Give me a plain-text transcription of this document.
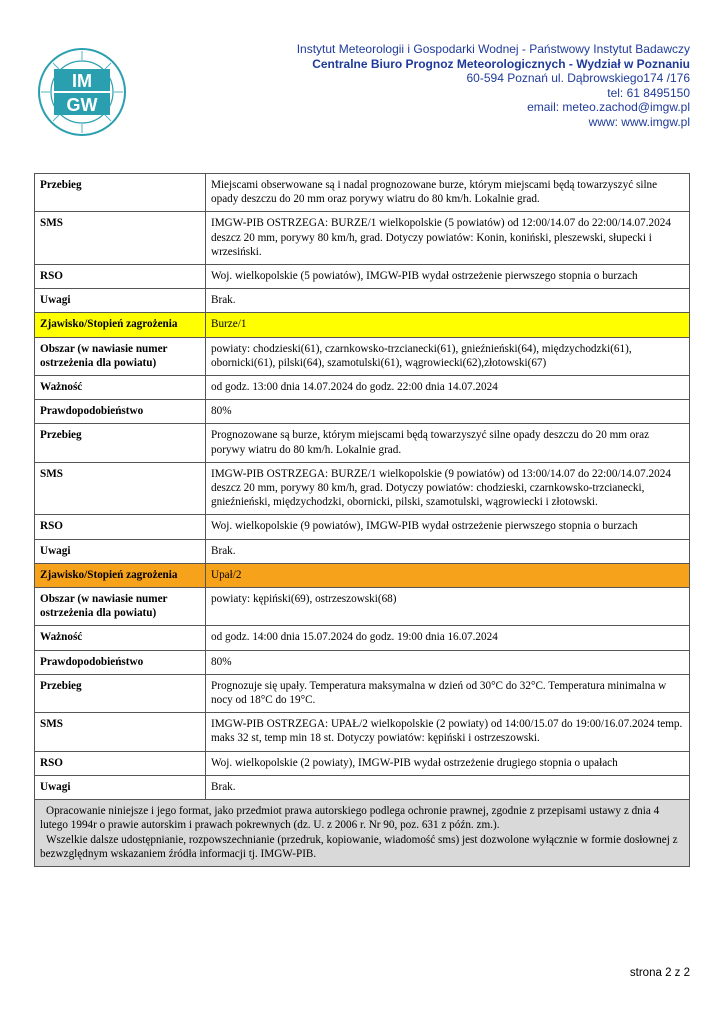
IM
GW
Instytut Meteorologii i Gospodarki Wodnej - Państwowy Instytut Badawczy
Centralne Biuro Prognoz Meteorologicznych - Wydział w Poznaniu
60-594 Poznań ul. Dąbrowskiego174 /176
tel: 61 8495150
email: meteo.zachod@imgw.pl
www: www.imgw.pl
Przebieg	Miejscami obserwowane są i nadal prognozowane burze, którym miejscami będą towarzyszyć silne opady deszczu do 20 mm oraz porywy wiatru do 80 km/h. Lokalnie grad.
SMS	IMGW-PIB OSTRZEGA: BURZE/1 wielkopolskie (5 powiatów) od 12:00/14.07 do 22:00/14.07.2024 deszcz 20 mm, porywy 80 km/h, grad. Dotyczy powiatów: Konin, koniński, pleszewski, słupecki i wrzesiński.
RSO	Woj. wielkopolskie (5 powiatów), IMGW-PIB wydał ostrzeżenie pierwszego stopnia o burzach
Uwagi	Brak.
Zjawisko/Stopień zagrożenia	Burze/1
Obszar (w nawiasie numer ostrzeżenia dla powiatu)	powiaty: chodzieski(61), czarnkowsko-trzcianecki(61), gnieźnieński(64), międzychodzki(61), obornicki(61), pilski(64), szamotulski(61), wągrowiecki(62),złotowski(67)
Ważność	od godz. 13:00 dnia 14.07.2024 do godz. 22:00 dnia 14.07.2024
Prawdopodobieństwo	80%
Przebieg	Prognozowane są burze, którym miejscami będą towarzyszyć silne opady deszczu do 20 mm oraz porywy wiatru do 80 km/h. Lokalnie grad.
SMS	IMGW-PIB OSTRZEGA: BURZE/1 wielkopolskie (9 powiatów) od 13:00/14.07 do 22:00/14.07.2024 deszcz 20 mm, porywy 80 km/h, grad. Dotyczy powiatów: chodzieski, czarnkowsko-trzcianecki, gnieźnieński, międzychodzki, obornicki, pilski, szamotulski, wągrowiecki i złotowski.
RSO	Woj. wielkopolskie (9 powiatów), IMGW-PIB wydał ostrzeżenie pierwszego stopnia o burzach
Uwagi	Brak.
Zjawisko/Stopień zagrożenia	Upał/2
Obszar (w nawiasie numer ostrzeżenia dla powiatu)	powiaty: kępiński(69), ostrzeszowski(68)
Ważność	od godz. 14:00 dnia 15.07.2024 do godz. 19:00 dnia 16.07.2024
Prawdopodobieństwo	80%
Przebieg	Prognozuje się upały. Temperatura maksymalna w dzień od 30°C do 32°C. Temperatura minimalna w nocy od 18°C do 19°C.
SMS	IMGW-PIB OSTRZEGA: UPAŁ/2 wielkopolskie (2 powiaty) od 14:00/15.07 do 19:00/16.07.2024 temp. maks 32 st, temp min 18 st. Dotyczy powiatów: kępiński i ostrzeszowski.
RSO	Woj. wielkopolskie (2 powiaty), IMGW-PIB wydał ostrzeżenie drugiego stopnia o upałach
Uwagi	Brak.

Opracowanie niniejsze i jego format, jako przedmiot prawa autorskiego podlega ochronie prawnej, zgodnie z przepisami ustawy z dnia 4 lutego 1994r o prawie autorskim i prawach pokrewnych (dz. U. z 2006 r. Nr 90, poz. 631 z późn. zm.).
Wszelkie dalsze udostępnianie, rozpowszechnianie (przedruk, kopiowanie, wiadomość sms) jest dozwolone wyłącznie w formie dosłownej z bezwzględnym wskazaniem źródła informacji tj. IMGW-PIB.	
strona 2 z 2
